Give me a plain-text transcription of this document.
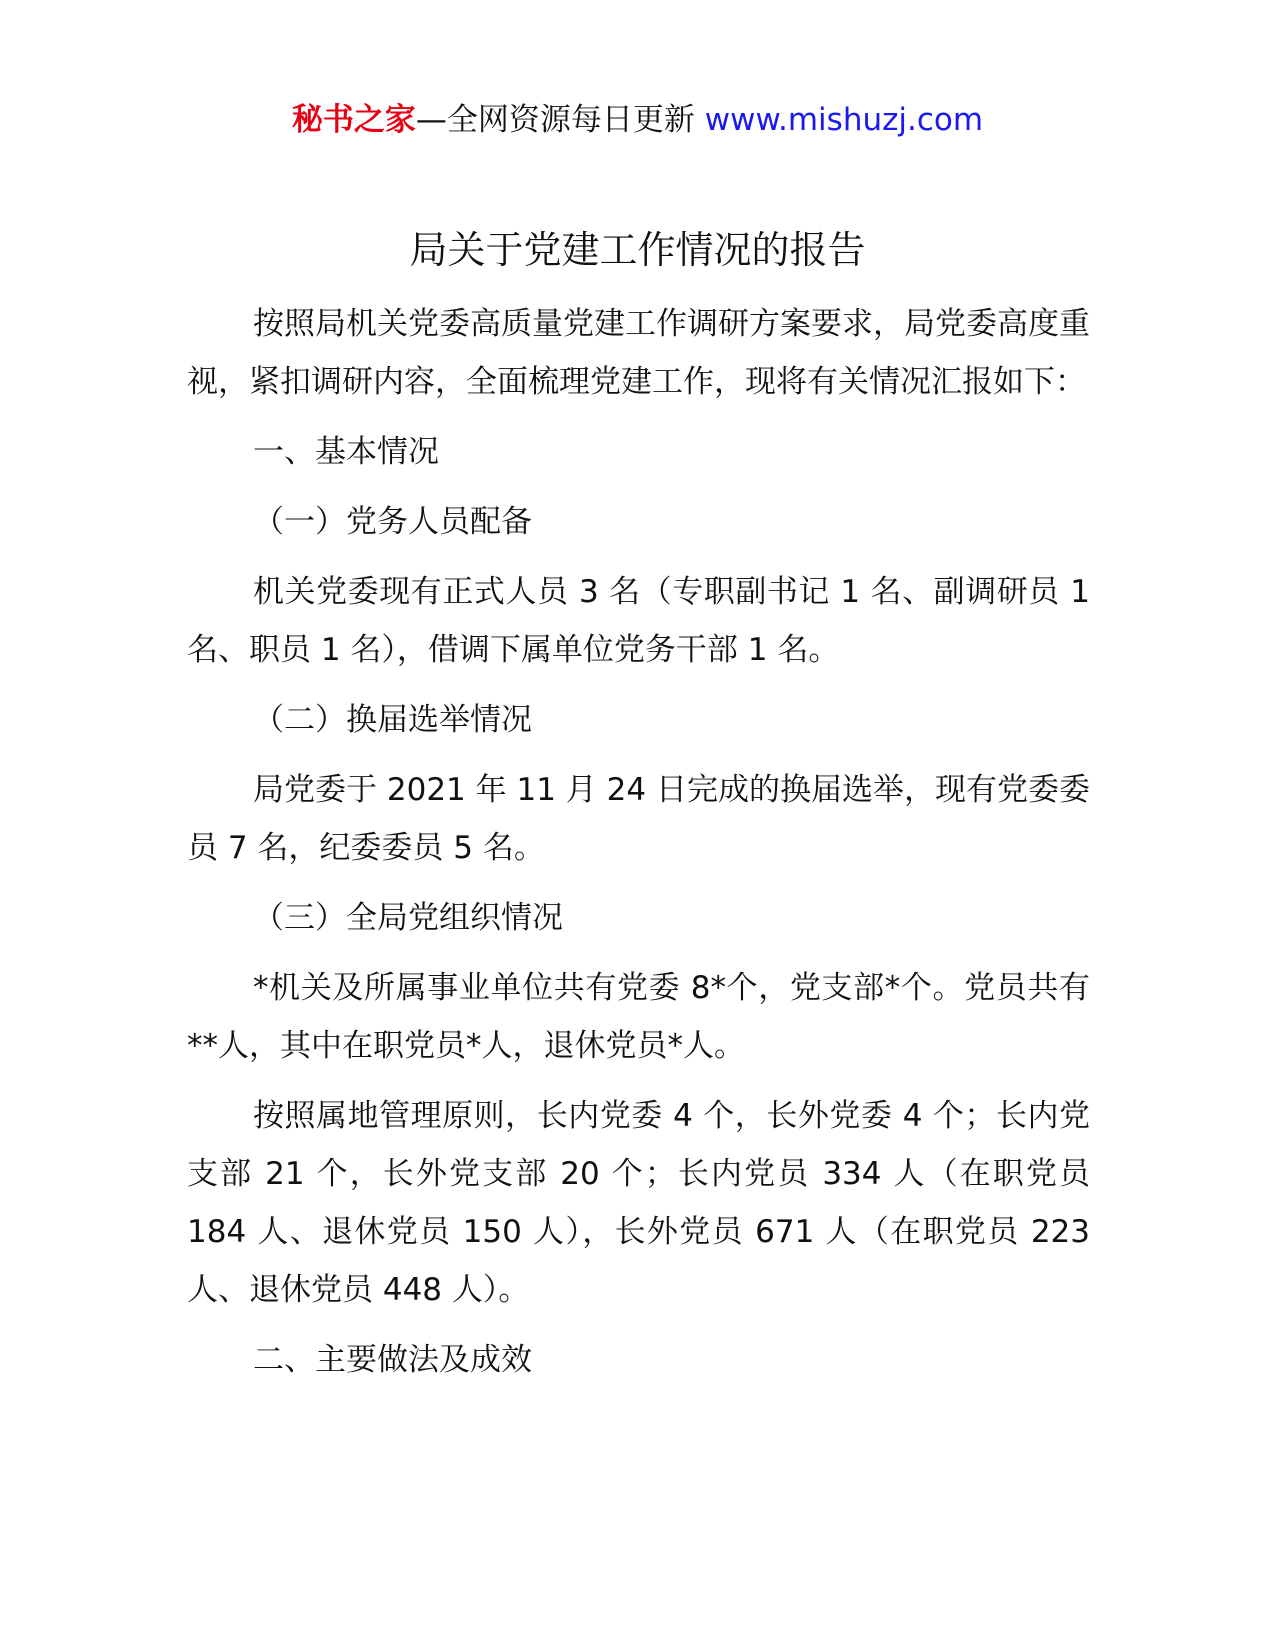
秘书之家—全网资源每日更新 www.mishuzj.com
局关于党建工作情况的报告

按照局机关党委高质量党建工作调研方案要求，局党委高度重视，紧扣调研内容，全面梳理党建工作，现将有关情况汇报如下：

一、基本情况

（一）党务人员配备

机关党委现有正式人员 3 名（专职副书记 1 名、副调研员 1 名、职员 1 名），借调下属单位党务干部 1 名。

（二）换届选举情况

局党委于 2021 年 11 月 24 日完成的换届选举，现有党委委员 7 名，纪委委员 5 名。

（三）全局党组织情况

*机关及所属事业单位共有党委 8*个，党支部*个。党员共有**人，其中在职党员*人，退休党员*人。

按照属地管理原则，长内党委 4 个，长外党委 4 个；长内党支部 21 个，长外党支部 20 个；长内党员 334 人（在职党员 184 人、退休党员 150 人），长外党员 671 人（在职党员 223 人、退休党员 448 人）。

二、主要做法及成效
